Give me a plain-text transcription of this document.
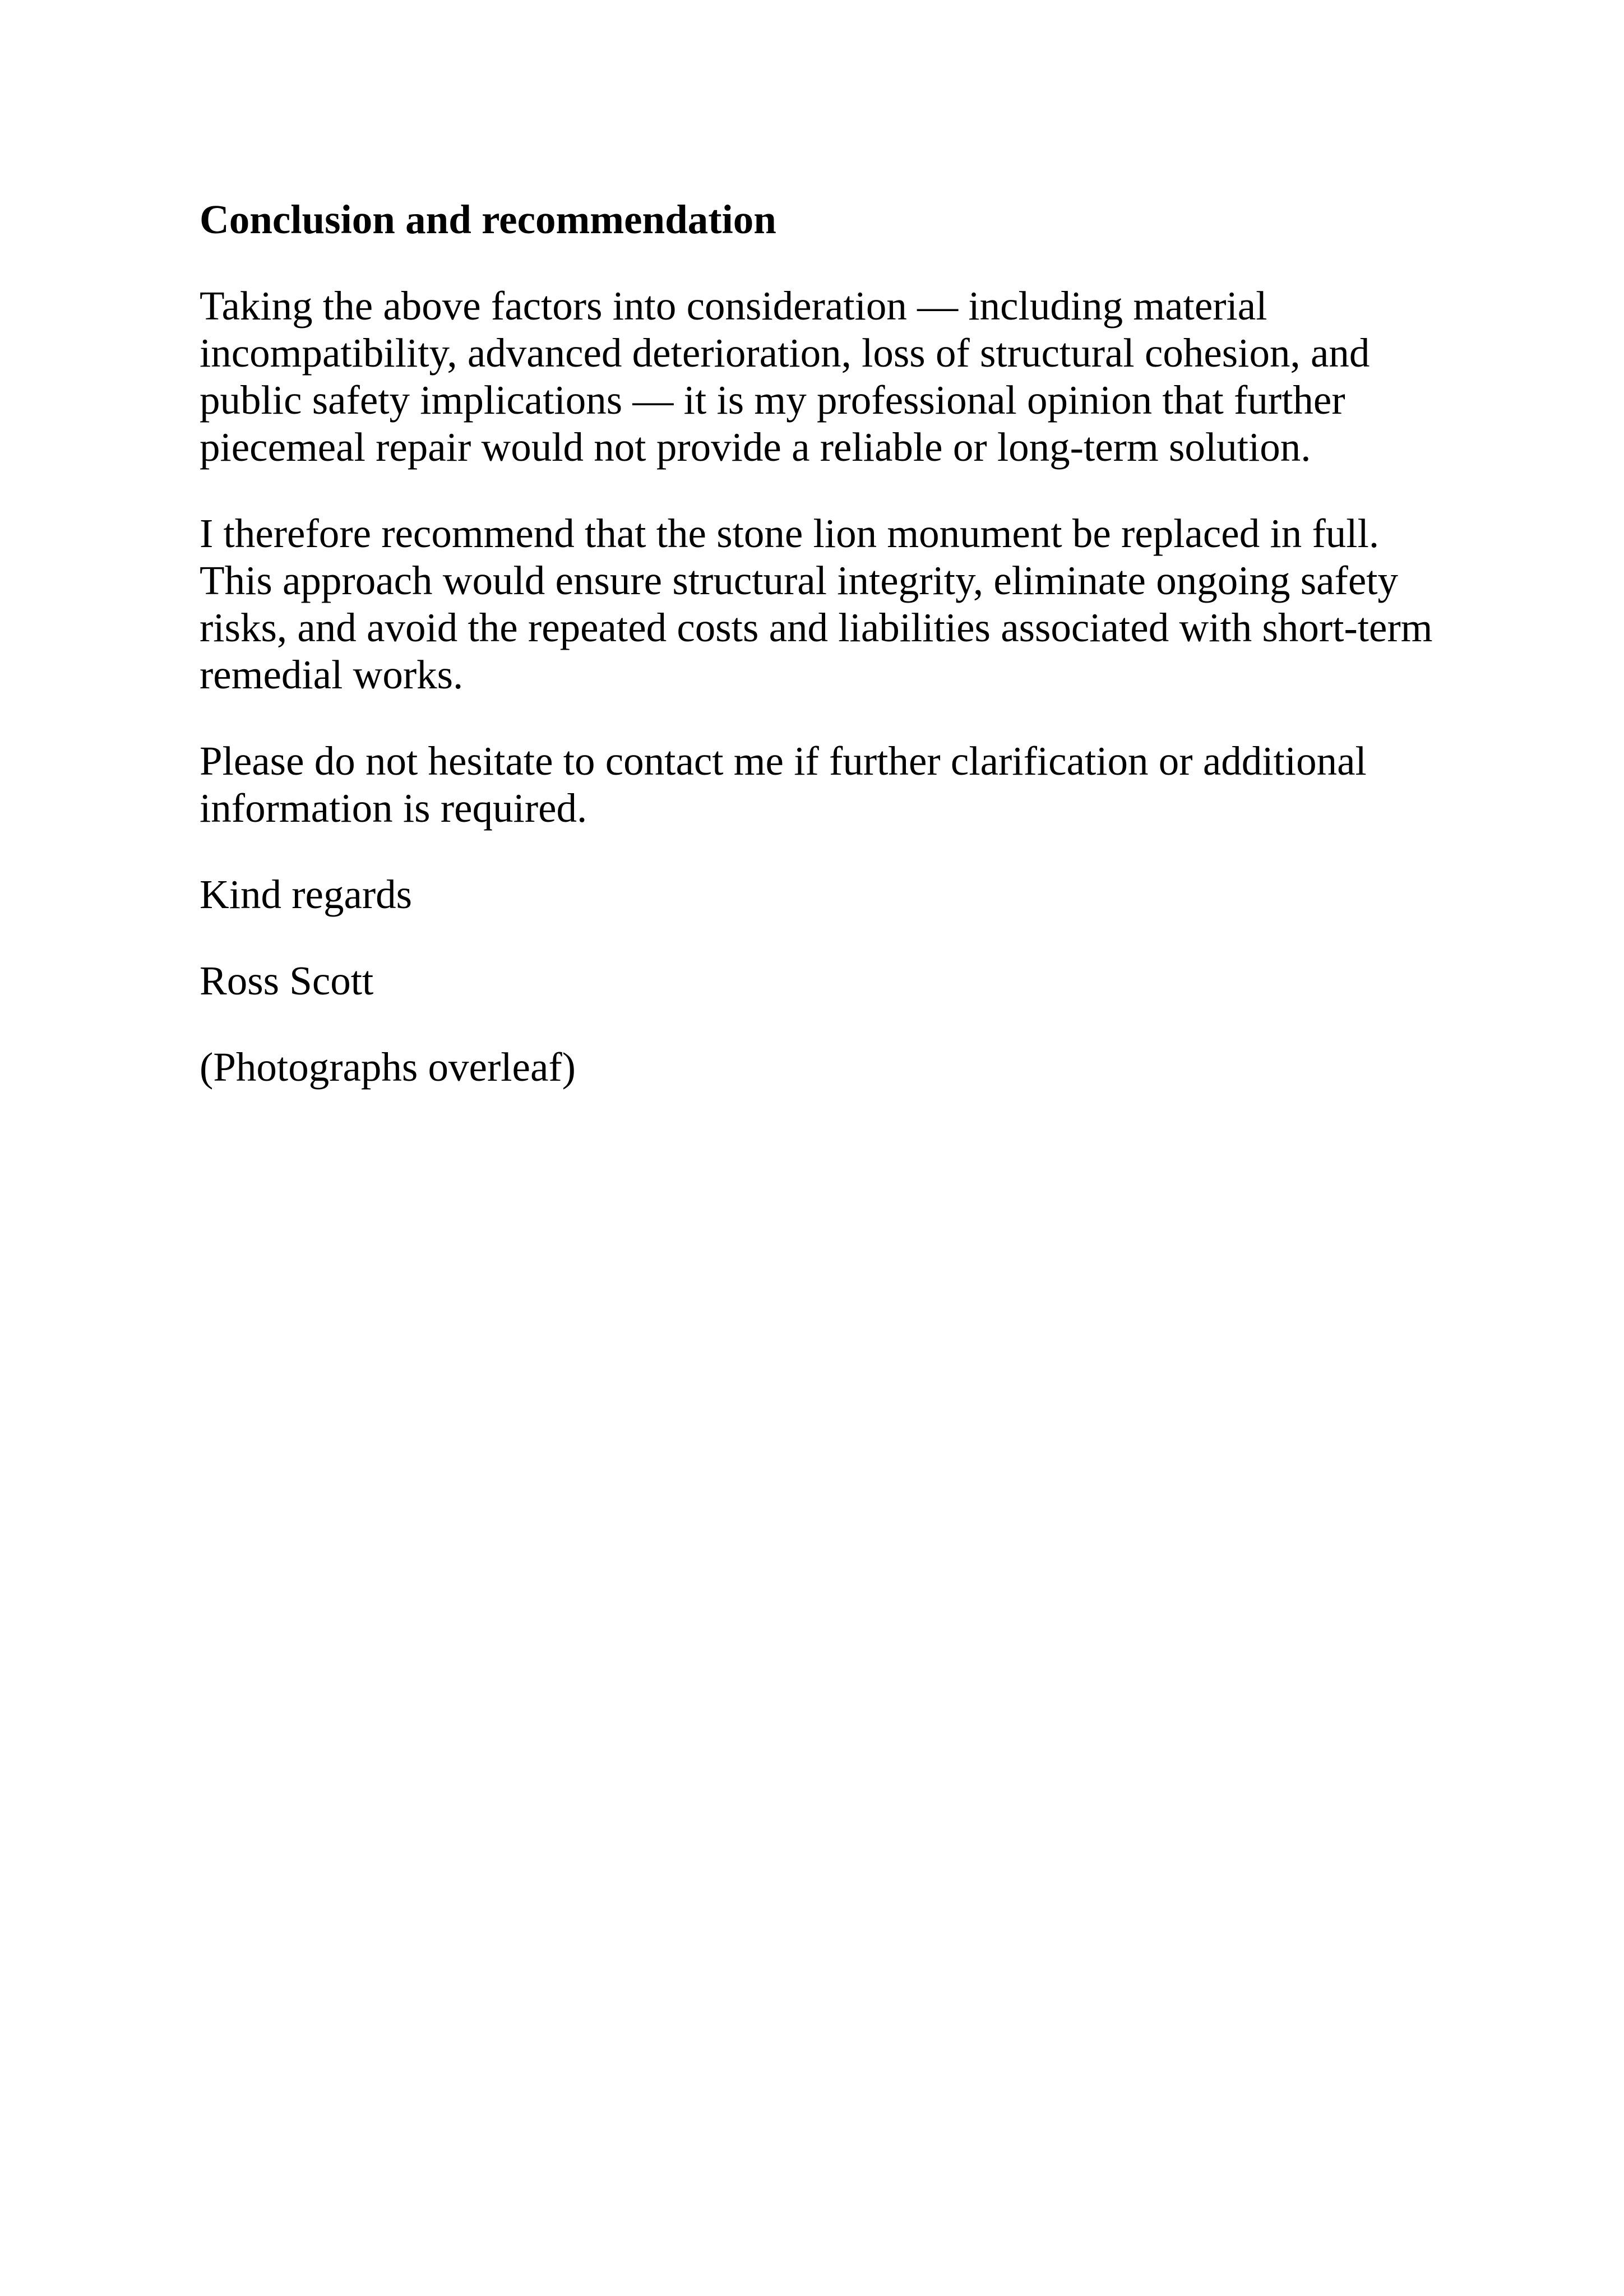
Conclusion and recommendation
Taking the above factors into consideration — including material incompatibility, advanced deterioration, loss of structural cohesion, and public safety implications — it is my professional opinion that further piecemeal repair would not provide a reliable or long-term solution.
I therefore recommend that the stone lion monument be replaced in full. This approach would ensure structural integrity, eliminate ongoing safety risks, and avoid the repeated costs and liabilities associated with short-term remedial works.
Please do not hesitate to contact me if further clarification or additional information is required.
Kind regards
Ross Scott
(Photographs overleaf)
